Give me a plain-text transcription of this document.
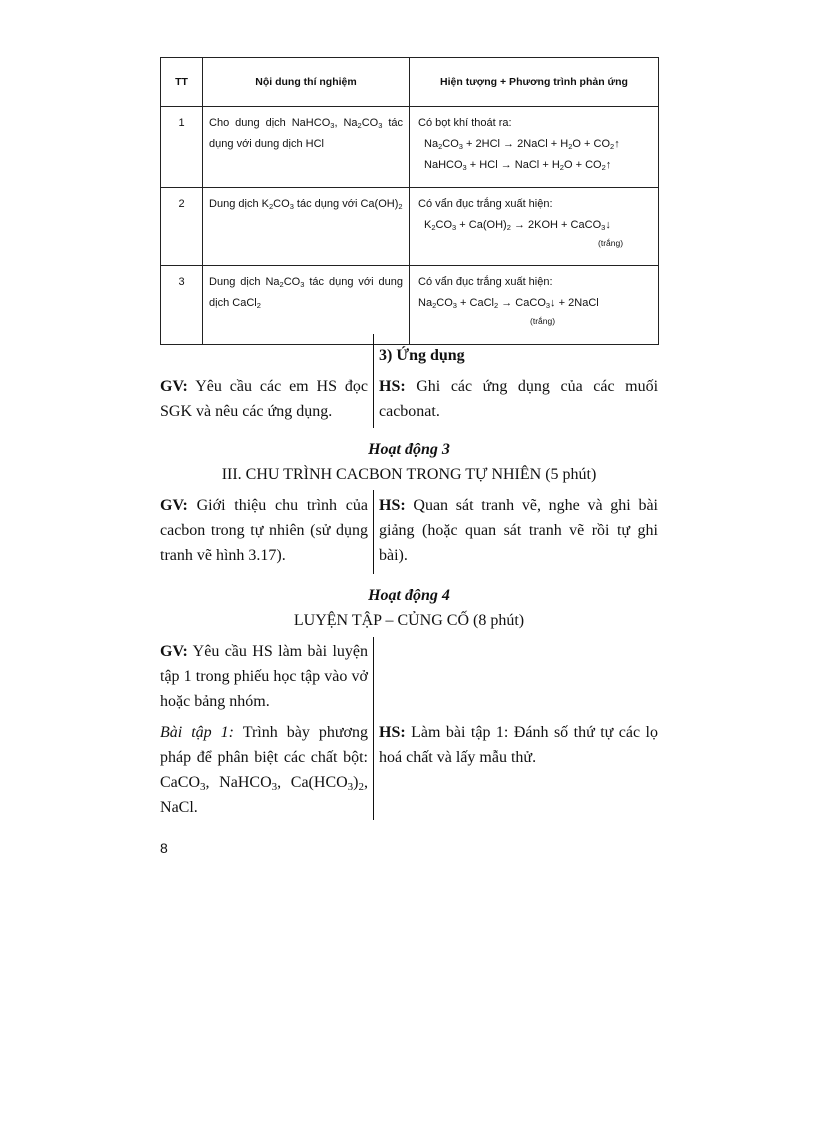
TT	Nội dung thí nghiệm	Hiện tượng + Phương trình phản ứng
1	Cho dung dịch NaHCO$_3$, $Na_2CO_3$ tác dụng với dung dịch HCl	Có bọt khí thoát ra:
$Na_2CO_3 + 2HCl$ → 2NaCl + $H_2O$ + $CO_2↑$
NaHCO$_3$ + HCl → NaCl + $H_2O$ + $CO_2↑$

2	Dung dịch $K_2CO_3$ tác dụng với $Ca(OH)_2$	Có vẩn đục trắng xuất hiện:
$K_2CO_3 + Ca(OH)_2 \to 2KOH$ + CaCO$_3$↓
(trắng)

3	Dung dịch $Na_2CO_3$ tác dụng với dung dịch CaCl$_2$	Có vẩn đục trắng xuất hiện:
$Na_2CO_3$ + CaCl$_2$ → CaCO$_3$↓ + 2NaCl
(trắng)
3) Ứng dụng
GV: Yêu cầu các em HS đọc SGK và nêu các ứng dụng.
HS: Ghi các ứng dụng của các muối cacbonat.
Hoạt động 3
III. CHU TRÌNH CACBON TRONG TỰ NHIÊN (5 phút)
GV: Giới thiệu chu trình của cacbon trong tự nhiên (sử dụng tranh vẽ hình 3.17).
HS: Quan sát tranh vẽ, nghe và ghi bài giảng (hoặc quan sát tranh vẽ rồi tự ghi bài).
Hoạt động 4
LUYỆN TẬP – CỦNG CỐ (8 phút)
GV: Yêu cầu HS làm bài luyện tập 1 trong phiếu học tập vào vở hoặc bảng nhóm.
Bài tập 1: Trình bày phương pháp để phân biệt các chất bột: CaCO$_3$, NaHCO$_3$, $Ca(HCO_3)_2$, NaCl.
HS: Làm bài tập 1: Đánh số thứ tự các lọ hoá chất và lấy mẫu thử.
8
